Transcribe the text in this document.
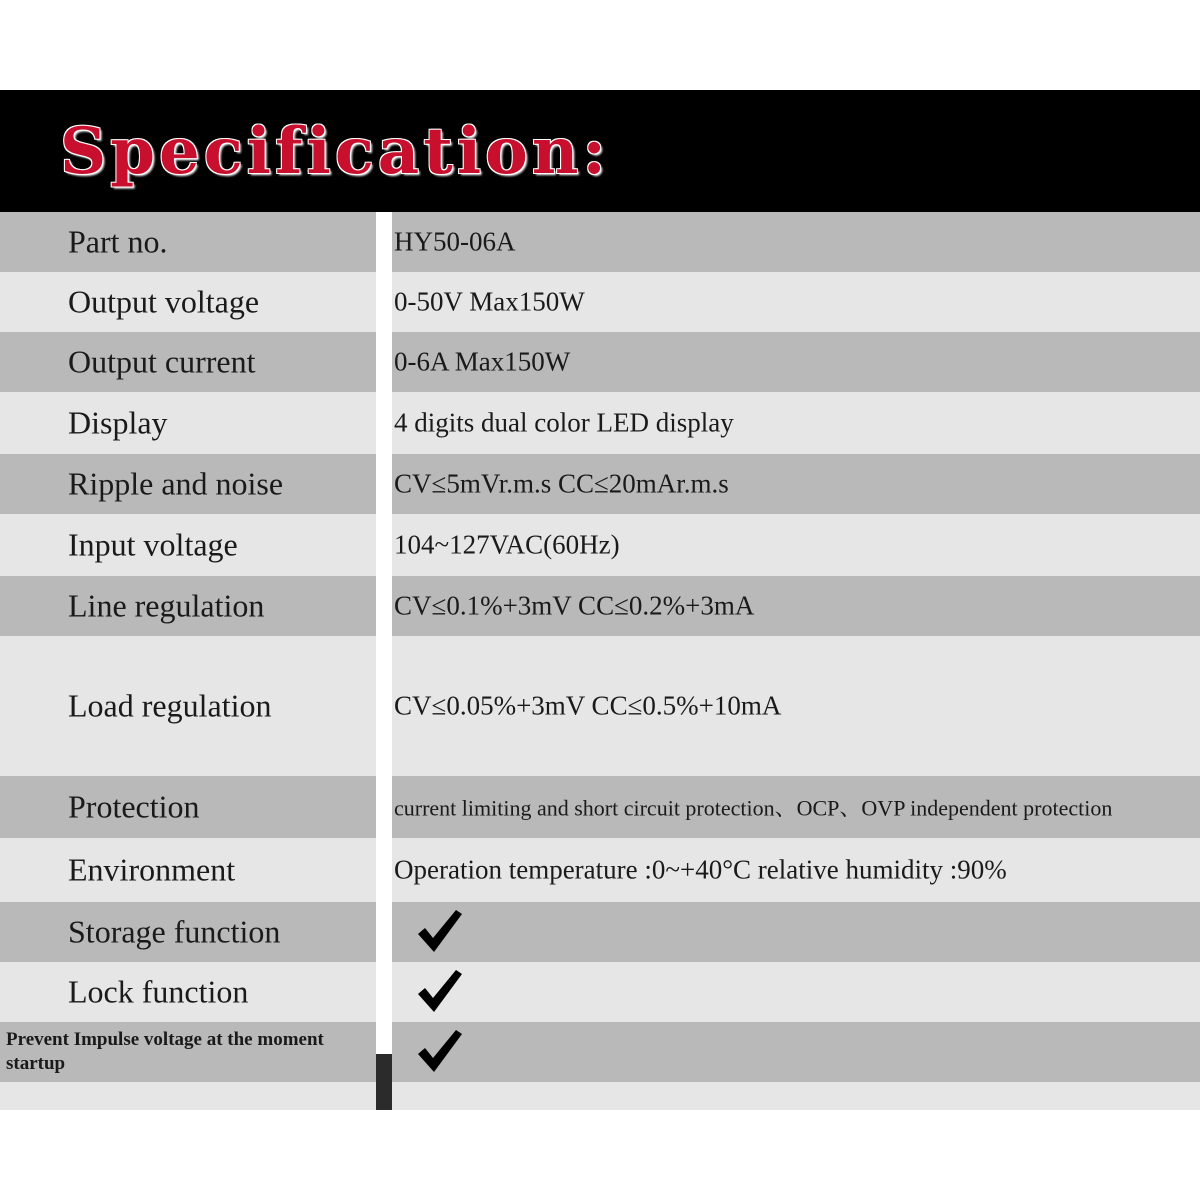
Specification:
Part no.	HY50-06A
Output voltage	0-50V Max150W
Output current	0-6A Max150W
Display	4 digits dual color LED display
Ripple and noise	CV≤5mVr.m.s CC≤20mAr.m.s
Input voltage	104~127VAC(60Hz)
Line regulation	CV≤0.1%+3mV CC≤0.2%+3mA
Load regulation	CV≤0.05%+3mV CC≤0.5%+10mA
Protection	current limiting and short circuit protection、OCP、OVP independent protection
Environment	Operation temperature :0~+40°C relative humidity :90%
Storage function
Lock function
Prevent Impulse voltage at the moment startup
